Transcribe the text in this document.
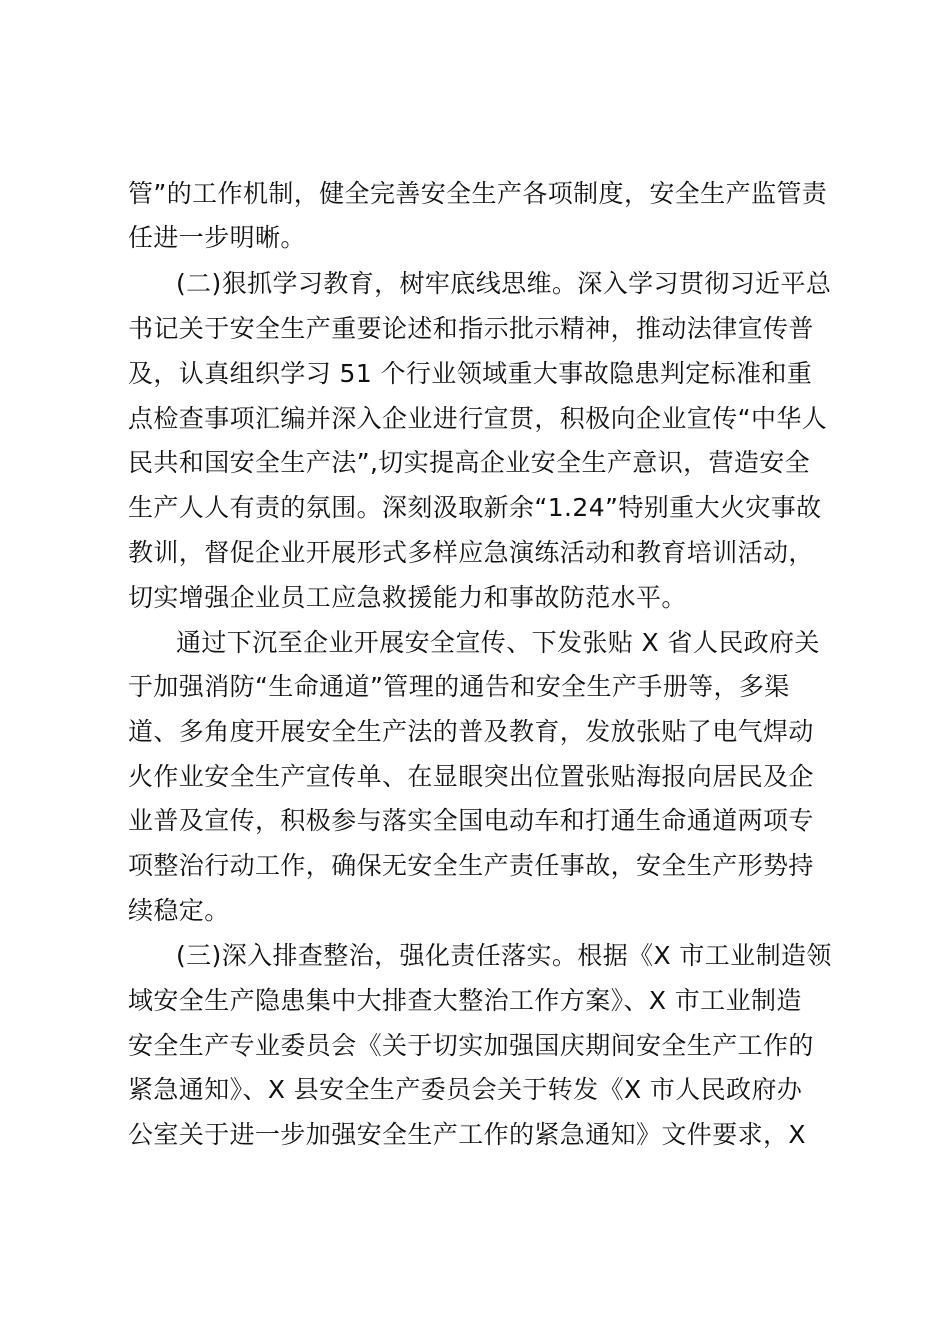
管”的工作机制，健全完善安全生产各项制度，安全生产监管责
任进一步明晰。
(二)狠抓学习教育，树牢底线思维。深入学习贯彻习近平总
书记关于安全生产重要论述和指示批示精神，推动法律宣传普
及，认真组织学习 51 个行业领域重大事故隐患判定标准和重
点检查事项汇编并深入企业进行宣贯，积极向企业宣传“中华人
民共和国安全生产法”,切实提高企业安全生产意识，营造安全
生产人人有责的氛围。深刻汲取新余“1.24”特别重大火灾事故
教训，督促企业开展形式多样应急演练活动和教育培训活动，
切实增强企业员工应急救援能力和事故防范水平。
通过下沉至企业开展安全宣传、下发张贴 X 省人民政府关
于加强消防“生命通道”管理的通告和安全生产手册等，多渠
道、多角度开展安全生产法的普及教育，发放张贴了电气焊动
火作业安全生产宣传单、在显眼突出位置张贴海报向居民及企
业普及宣传，积极参与落实全国电动车和打通生命通道两项专
项整治行动工作，确保无安全生产责任事故，安全生产形势持
续稳定。
(三)深入排查整治，强化责任落实。根据《X 市工业制造领
域安全生产隐患集中大排查大整治工作方案》、X 市工业制造
安全生产专业委员会《关于切实加强国庆期间安全生产工作的
紧急通知》、X 县安全生产委员会关于转发《X 市人民政府办
公室关于进一步加强安全生产工作的紧急通知》文件要求，X
